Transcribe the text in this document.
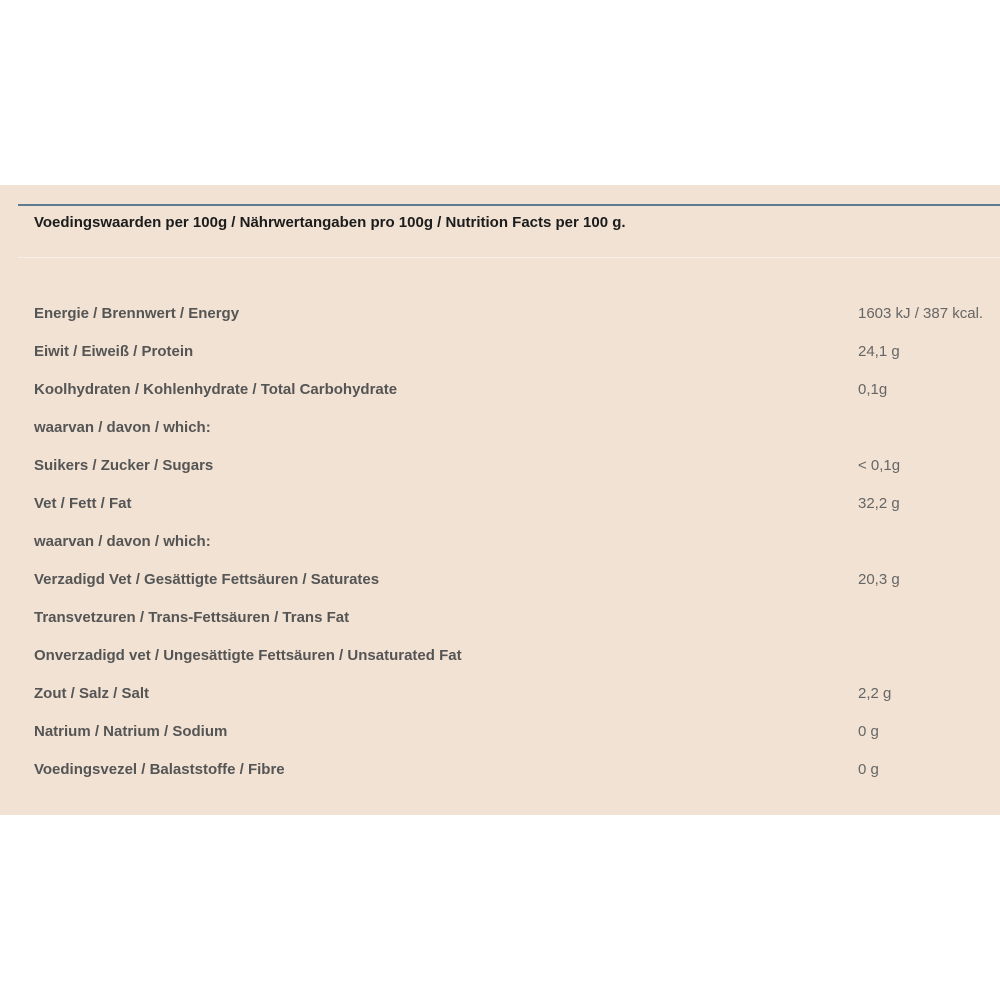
Voedingswaarden per 100g / Nährwertangaben pro 100g / Nutrition Facts per 100 g.
Energie / Brennwert / Energy	1603 kJ / 387 kcal.
Eiwit / Eiweiß / Protein	24,1 g
Koolhydraten / Kohlenhydrate / Total Carbohydrate	0,1g
waarvan / davon / which:
Suikers / Zucker / Sugars	< 0,1g
Vet / Fett / Fat	32,2 g
waarvan / davon / which:
Verzadigd Vet / Gesättigte Fettsäuren / Saturates	20,3 g
Transvetzuren / Trans-Fettsäuren / Trans Fat
Onverzadigd vet / Ungesättigte Fettsäuren / Unsaturated Fat
Zout / Salz / Salt	2,2 g
Natrium / Natrium / Sodium	0 g
Voedingsvezel / Balaststoffe / Fibre	0 g
